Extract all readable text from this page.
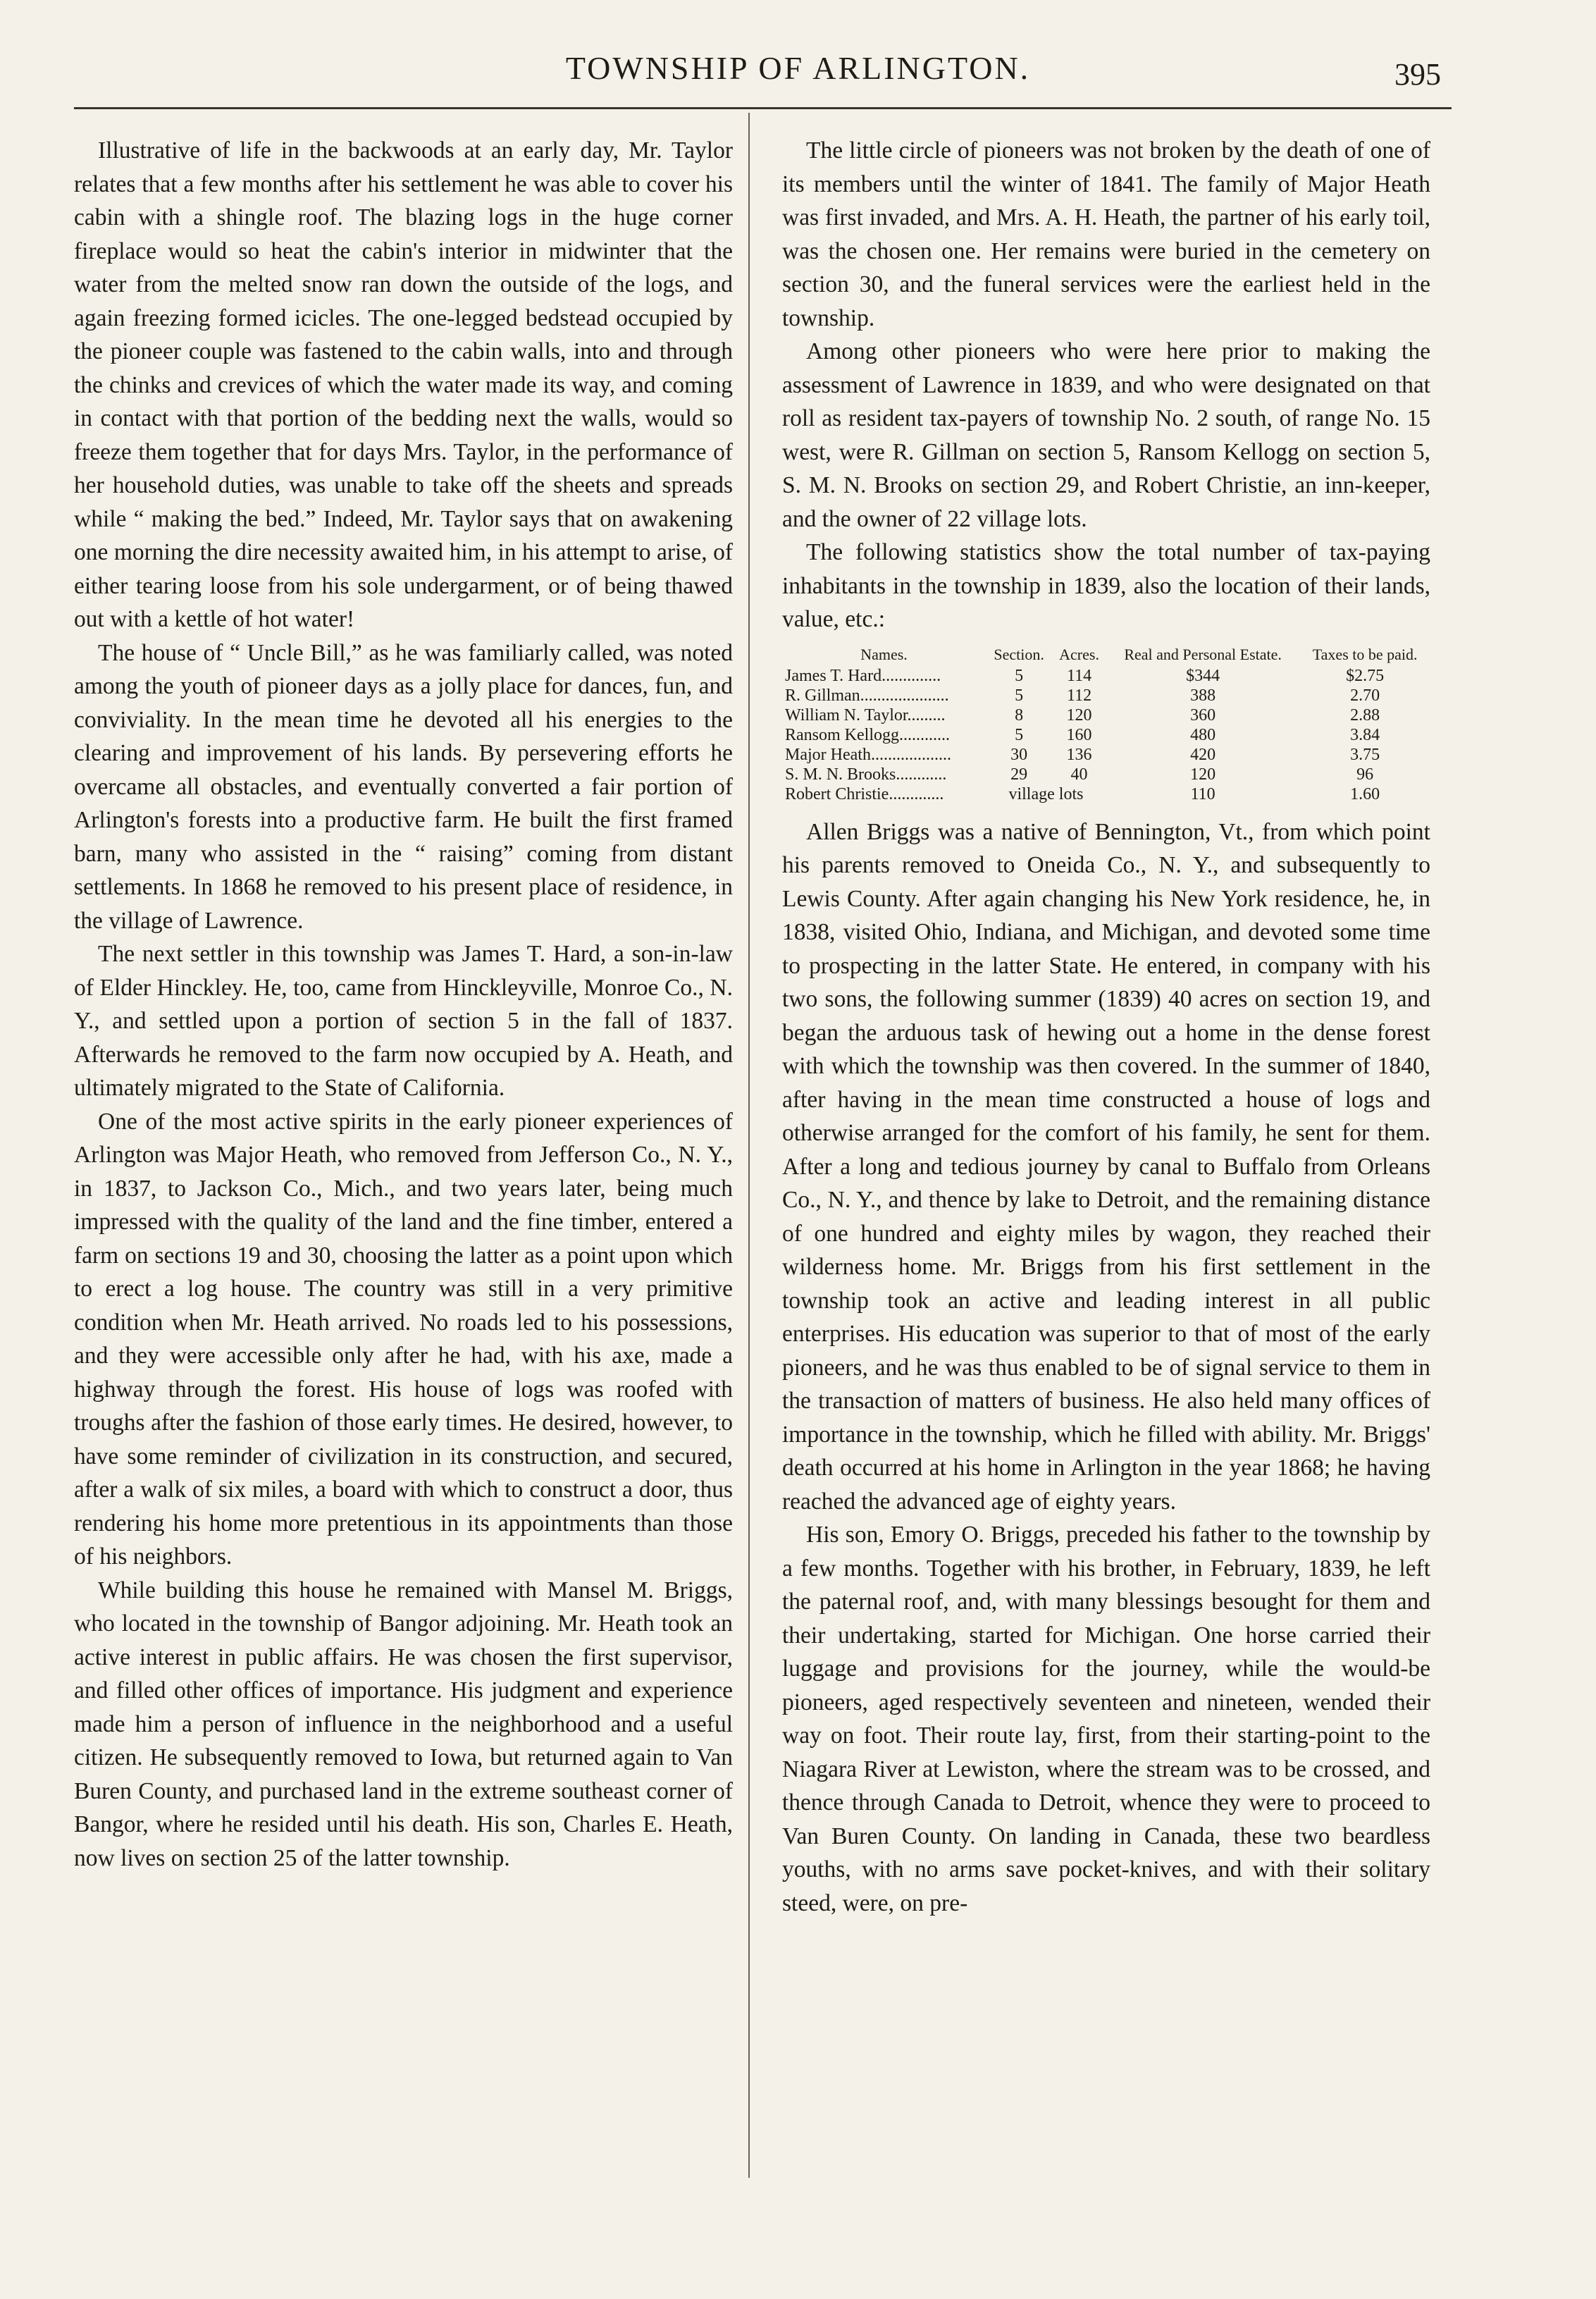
TOWNSHIP OF ARLINGTON.	395

Illustrative of life in the backwoods at an early day, Mr. Taylor relates that a few months after his settlement he was able to cover his cabin with a shingle roof. The blazing logs in the huge corner fireplace would so heat the cabin's interior in midwinter that the water from the melted snow ran down the outside of the logs, and again freezing formed icicles. The one-legged bedstead occupied by the pioneer couple was fastened to the cabin walls, into and through the chinks and crevices of which the water made its way, and coming in contact with that portion of the bedding next the walls, would so freeze them together that for days Mrs. Taylor, in the performance of her household duties, was unable to take off the sheets and spreads while “ making the bed.” Indeed, Mr. Taylor says that on awakening one morning the dire necessity awaited him, in his attempt to arise, of either tearing loose from his sole undergarment, or of being thawed out with a kettle of hot water!

The house of “ Uncle Bill,” as he was familiarly called, was noted among the youth of pioneer days as a jolly place for dances, fun, and conviviality. In the mean time he devoted all his energies to the clearing and improvement of his lands. By persevering efforts he overcame all obstacles, and eventually converted a fair portion of Arlington's forests into a productive farm. He built the first framed barn, many who assisted in the “ raising” coming from distant settlements. In 1868 he removed to his present place of residence, in the village of Lawrence.

The next settler in this township was James T. Hard, a son-in-law of Elder Hinckley. He, too, came from Hinckleyville, Monroe Co., N. Y., and settled upon a portion of section 5 in the fall of 1837. Afterwards he removed to the farm now occupied by A. Heath, and ultimately migrated to the State of California.

One of the most active spirits in the early pioneer experiences of Arlington was Major Heath, who removed from Jefferson Co., N. Y., in 1837, to Jackson Co., Mich., and two years later, being much impressed with the quality of the land and the fine timber, entered a farm on sections 19 and 30, choosing the latter as a point upon which to erect a log house. The country was still in a very primitive condition when Mr. Heath arrived. No roads led to his possessions, and they were accessible only after he had, with his axe, made a highway through the forest. His house of logs was roofed with troughs after the fashion of those early times. He desired, however, to have some reminder of civilization in its construction, and secured, after a walk of six miles, a board with which to construct a door, thus rendering his home more pretentious in its appointments than those of his neighbors.

While building this house he remained with Mansel M. Briggs, who located in the township of Bangor adjoining. Mr. Heath took an active interest in public affairs. He was chosen the first supervisor, and filled other offices of importance. His judgment and experience made him a person of influence in the neighborhood and a useful citizen. He subsequently removed to Iowa, but returned again to Van Buren County, and purchased land in the extreme southeast corner of Bangor, where he resided until his death. His son, Charles E. Heath, now lives on section 25 of the latter township.

The little circle of pioneers was not broken by the death of one of its members until the winter of 1841. The family of Major Heath was first invaded, and Mrs. A. H. Heath, the partner of his early toil, was the chosen one. Her remains were buried in the cemetery on section 30, and the funeral services were the earliest held in the township.

Among other pioneers who were here prior to making the assessment of Lawrence in 1839, and who were designated on that roll as resident tax-payers of township No. 2 south, of range No. 15 west, were R. Gillman on section 5, Ransom Kellogg on section 5, S. M. N. Brooks on section 29, and Robert Christie, an inn-keeper, and the owner of 22 village lots.

The following statistics show the total number of tax-paying inhabitants in the township in 1839, also the location of their lands, value, etc.:

Names.	Section.	Acres.	Real and Personal Estate.	Taxes to be paid.
James T. Hard..............	5	114	$344	$2.75
R. Gillman.....................	5	112	388	2.70
William N. Taylor.........	8	120	360	2.88
Ransom Kellogg............	5	160	480	3.84
Major Heath...................	30	136	420	3.75
S. M. N. Brooks............	29	40	120	96
Robert Christie.............	village lots		110	1.60

Allen Briggs was a native of Bennington, Vt., from which point his parents removed to Oneida Co., N. Y., and subsequently to Lewis County. After again changing his New York residence, he, in 1838, visited Ohio, Indiana, and Michigan, and devoted some time to prospecting in the latter State. He entered, in company with his two sons, the following summer (1839) 40 acres on section 19, and began the arduous task of hewing out a home in the dense forest with which the township was then covered. In the summer of 1840, after having in the mean time constructed a house of logs and otherwise arranged for the comfort of his family, he sent for them. After a long and tedious journey by canal to Buffalo from Orleans Co., N. Y., and thence by lake to Detroit, and the remaining distance of one hundred and eighty miles by wagon, they reached their wilderness home. Mr. Briggs from his first settlement in the township took an active and leading interest in all public enterprises. His education was superior to that of most of the early pioneers, and he was thus enabled to be of signal service to them in the transaction of matters of business. He also held many offices of importance in the township, which he filled with ability. Mr. Briggs' death occurred at his home in Arlington in the year 1868; he having reached the advanced age of eighty years.

His son, Emory O. Briggs, preceded his father to the township by a few months. Together with his brother, in February, 1839, he left the paternal roof, and, with many blessings besought for them and their undertaking, started for Michigan. One horse carried their luggage and provisions for the journey, while the would-be pioneers, aged respectively seventeen and nineteen, wended their way on foot. Their route lay, first, from their starting-point to the Niagara River at Lewiston, where the stream was to be crossed, and thence through Canada to Detroit, whence they were to proceed to Van Buren County. On landing in Canada, these two beardless youths, with no arms save pocket-knives, and with their solitary steed, were, on pre-
